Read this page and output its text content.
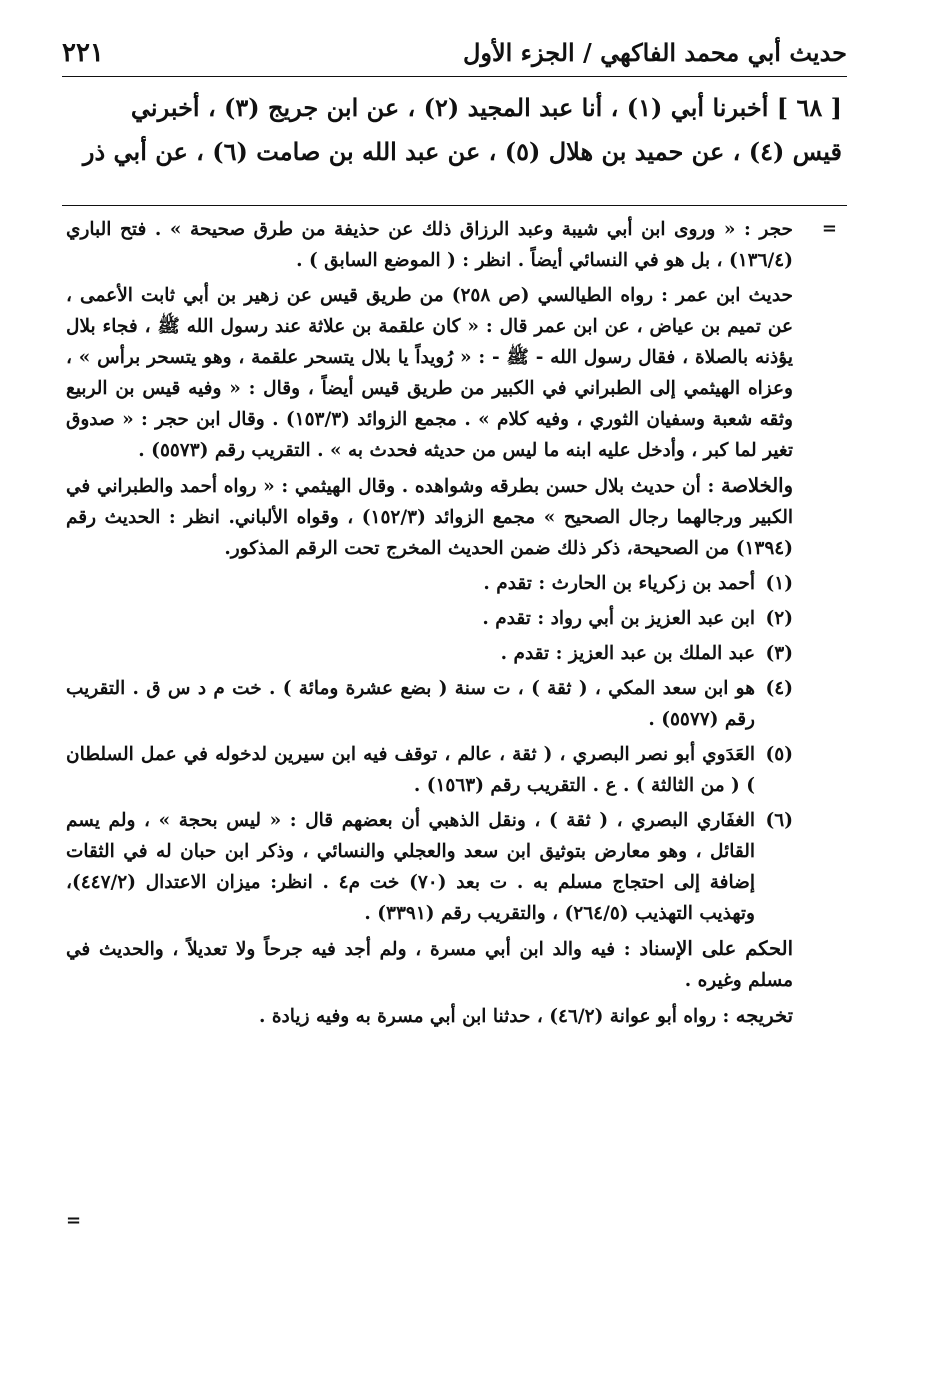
٢٢١	حديث أبي محمد الفاكهي / الجزء الأول

[ ٦٨ ] أخبرنا أبي (١) ، أنا عبد المجيد (٢) ، عن ابن جريج (٣) ، أخبرني

قيس (٤) ، عن حميد بن هلال (٥) ، عن عبد الله بن صامت (٦) ، عن أبي ذر

=

حجر : « وروى ابن أبي شيبة وعبد الرزاق ذلك عن حذيفة من طرق صحيحة » . فتح الباري (١٣٦/٤) ، بل هو في النسائي أيضاً . انظر : ( الموضع السابق ) .

حديث ابن عمر : رواه الطيالسي (ص ٢٥٨) من طريق قيس عن زهير بن أبي ثابت الأعمى ، عن تميم بن عياض ، عن ابن عمر قال : « كان علقمة بن علاثة عند رسول الله ﷺ ، فجاء بلال يؤذنه بالصلاة ، فقال رسول الله - ﷺ - : « رُويداً يا بلال يتسحر علقمة ، وهو يتسحر برأس » ، وعزاه الهيثمي إلى الطبراني في الكبير من طريق قيس أيضاً ، وقال : « وفيه قيس بن الربيع وثقه شعبة وسفيان الثوري ، وفيه كلام » . مجمع الزوائد (١٥٣/٣) . وقال ابن حجر : « صدوق تغير لما كبر ، وأدخل عليه ابنه ما ليس من حديثه فحدث به » . التقريب رقم (٥٥٧٣) .

والخلاصة : أن حديث بلال حسن بطرقه وشواهده . وقال الهيثمي : « رواه أحمد والطبراني في الكبير ورجالهما رجال الصحيح » مجمع الزوائد (١٥٢/٣) ، وقواه الألباني. انظر : الحديث رقم (١٣٩٤) من الصحيحة، ذكر ذلك ضمن الحديث المخرج تحت الرقم المذكور.

(١)
أحمد بن زكرياء بن الحارث : تقدم .

(٢)
ابن عبد العزيز بن أبي رواد : تقدم .

(٣)
عبد الملك بن عبد العزيز : تقدم .

(٤)
هو ابن سعد المكي ، ( ثقة ) ، ت سنة ( بضع عشرة ومائة ) . خت م د س ق . التقريب رقم (٥٥٧٧) .

(٥)
العَدَوي أبو نصر البصري ، ( ثقة ، عالم ، توقف فيه ابن سيرين لدخوله في عمل السلطان ) ( من الثالثة ) . ع . التقريب رقم (١٥٦٣) .

(٦)
الغفَاري البصري ، ( ثقة ) ، ونقل الذهبي أن بعضهم قال : « ليس بحجة » ، ولم يسم القائل ، وهو معارض بتوثيق ابن سعد والعجلي والنسائي ، وذكر ابن حبان له في الثقات إضافة إلى احتجاج مسلم به . ت بعد (٧٠) خت م٤ . انظر: ميزان الاعتدال (٤٤٧/٢)، وتهذيب التهذيب (٢٦٤/٥) ، والتقريب رقم (٣٣٩١) .

الحكم على الإسناد : فيه والد ابن أبي مسرة ، ولم أجد فيه جرحاً ولا تعديلاً ، والحديث في مسلم وغيره .

تخريجه : رواه أبو عوانة (٤٦/٢) ، حدثنا ابن أبي مسرة به وفيه زيادة .

=
